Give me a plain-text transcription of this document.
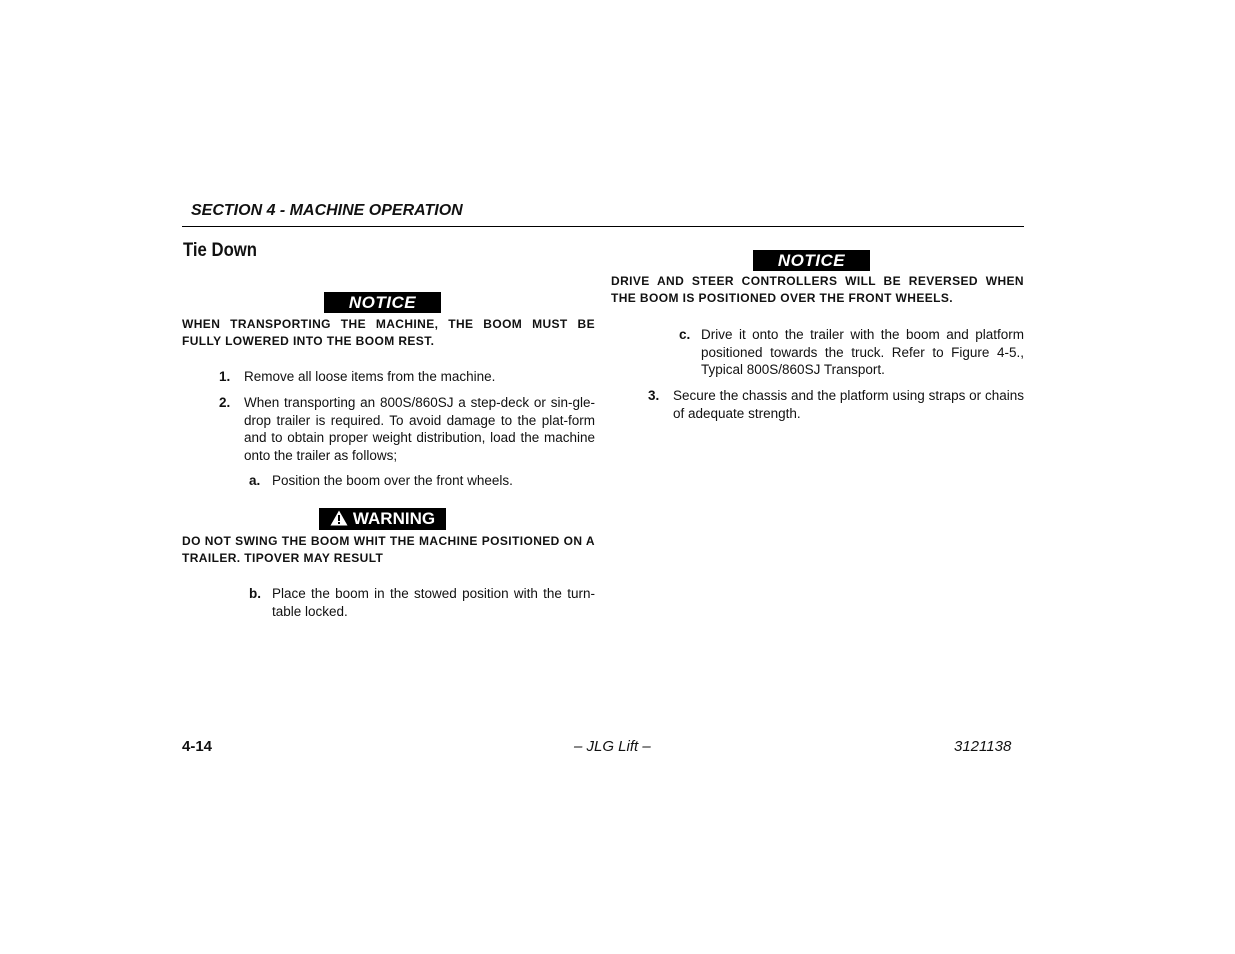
SECTION 4 - MACHINE OPERATION
Tie Down
NOTICE

WHEN TRANSPORTING THE MACHINE, THE BOOM MUST BE FULLY LOWERED INTO THE BOOM REST.

1. Remove all loose items from the machine.
2. When transporting an 800S/860SJ a step-deck or sin-gle-drop trailer is required. To avoid damage to the plat-form and to obtain proper weight distribution, load the machine onto the trailer as follows;
a. Position the boom over the front wheels.
WARNING

DO NOT SWING THE BOOM WHIT THE MACHINE POSITIONED ON A TRAILER. TIPOVER MAY RESULT

b. Place the boom in the stowed position with the turn-table locked.
NOTICE

DRIVE AND STEER CONTROLLERS WILL BE REVERSED WHEN THE BOOM IS POSITIONED OVER THE FRONT WHEELS.

c. Drive it onto the trailer with the boom and platform positioned towards the truck. Refer to Figure 4-5., Typical 800S/860SJ Transport.
3. Secure the chassis and the platform using straps or chains of adequate strength.

4-14	– JLG Lift –	3121138
